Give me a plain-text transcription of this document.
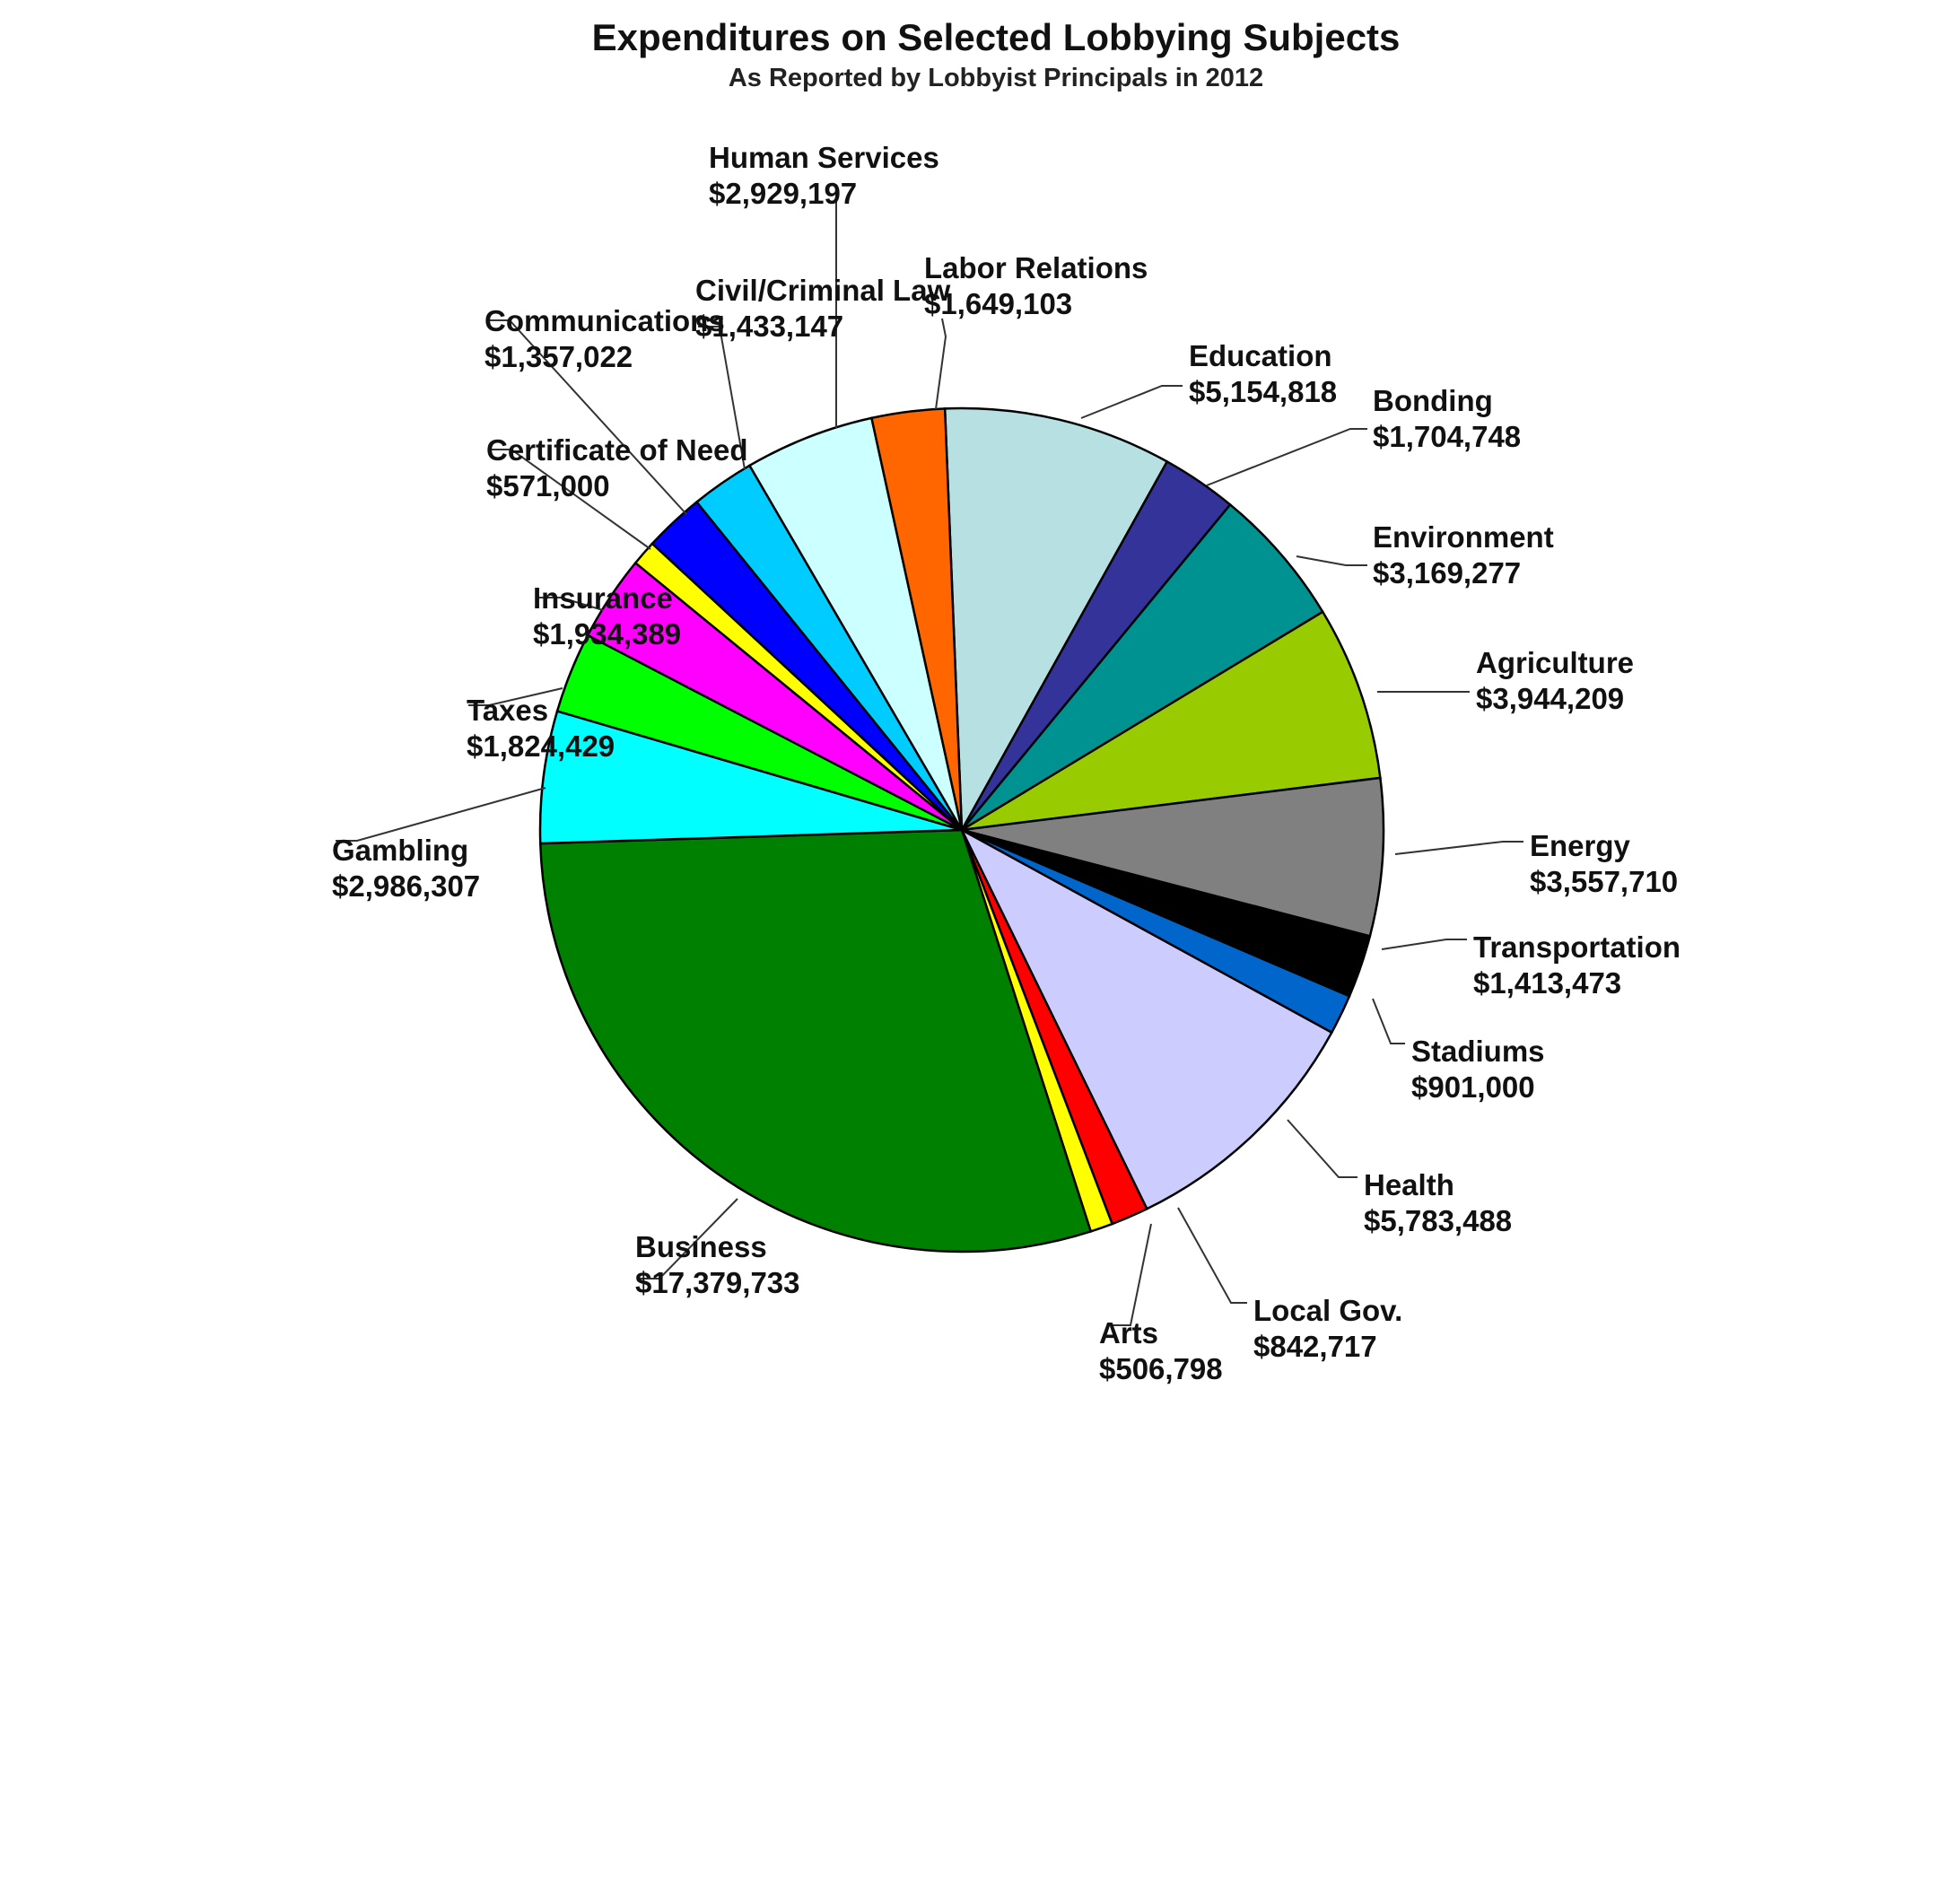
Expenditures on Selected Lobbying Subjects
As Reported by Lobbyist Principals in 2012
Education $5,154,818 Bonding $1,704,748
Environment $3,169,277
Agriculture $3,944,209
Energy $3,557,710
Transportation $1,413,473
Stadiums $901,000
Health $5,783,488
Local Gov. $842,717
Arts $506,798
Business $17,379,733
Gambling $2,986,307
Taxes $1,824,429
Insurance $1,934,389
Certificate of Need $571,000
Communications $1,357,022
Civil/Criminal Law $1,433,147
Human Services $2,929,197
Labor Relations $1,649,103
